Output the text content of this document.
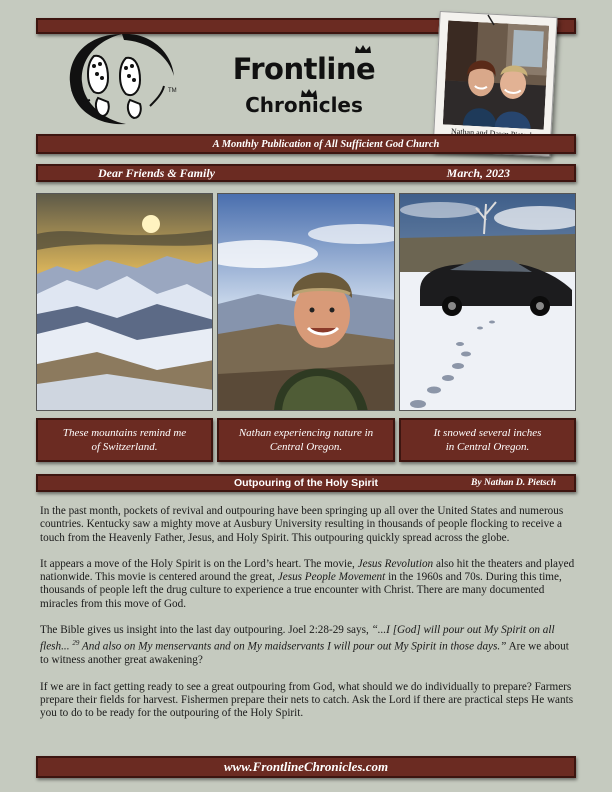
TM
Frontline
Chronicles
A Monthly Publication of All Sufficient God Church
Dear Friends & Family	March, 2023
These mountains remind me
of Switzerland.
Nathan experiencing nature in
Central Oregon.
It snowed several inches
in Central Oregon.
Outpouring of the Holy Spirit	By Nathan D. Pietsch

In the past month, pockets of revival and outpouring have been springing up all over the United States and numerous countries. Kentucky saw a mighty move at Ausbury University resulting in thousands of people flocking to receive a touch from the Heavenly Father, Jesus, and Holy Spirit. This outpouring quickly spread across the globe.

It appears a move of the Holy Spirit is on the Lord’s heart. The movie, Jesus Revolution also hit the theaters and played nationwide. This movie is centered around the great, Jesus People Movement in the 1960s and 70s. During this time, thousands of people left the drug culture to experience a true encounter with Christ. There are many documented miracles from this move of God.

The Bible gives us insight into the last day outpouring. Joel 2:28-29 says, “...I [God] will pour out My Spirit on all flesh... $^{29}$ And also on My menservants and on My maidservants I will pour out My Spirit in those days.” Are we about to witness another great awakening?

If we are in fact getting ready to see a great outpouring from God, what should we do individually to prepare? Farmers prepare their fields for harvest. Fishermen prepare their nets to catch. Ask the Lord if there are practical steps He wants you to do to be ready for the outpouring of the Holy Spirit.

www.FrontlineChronicles.com
